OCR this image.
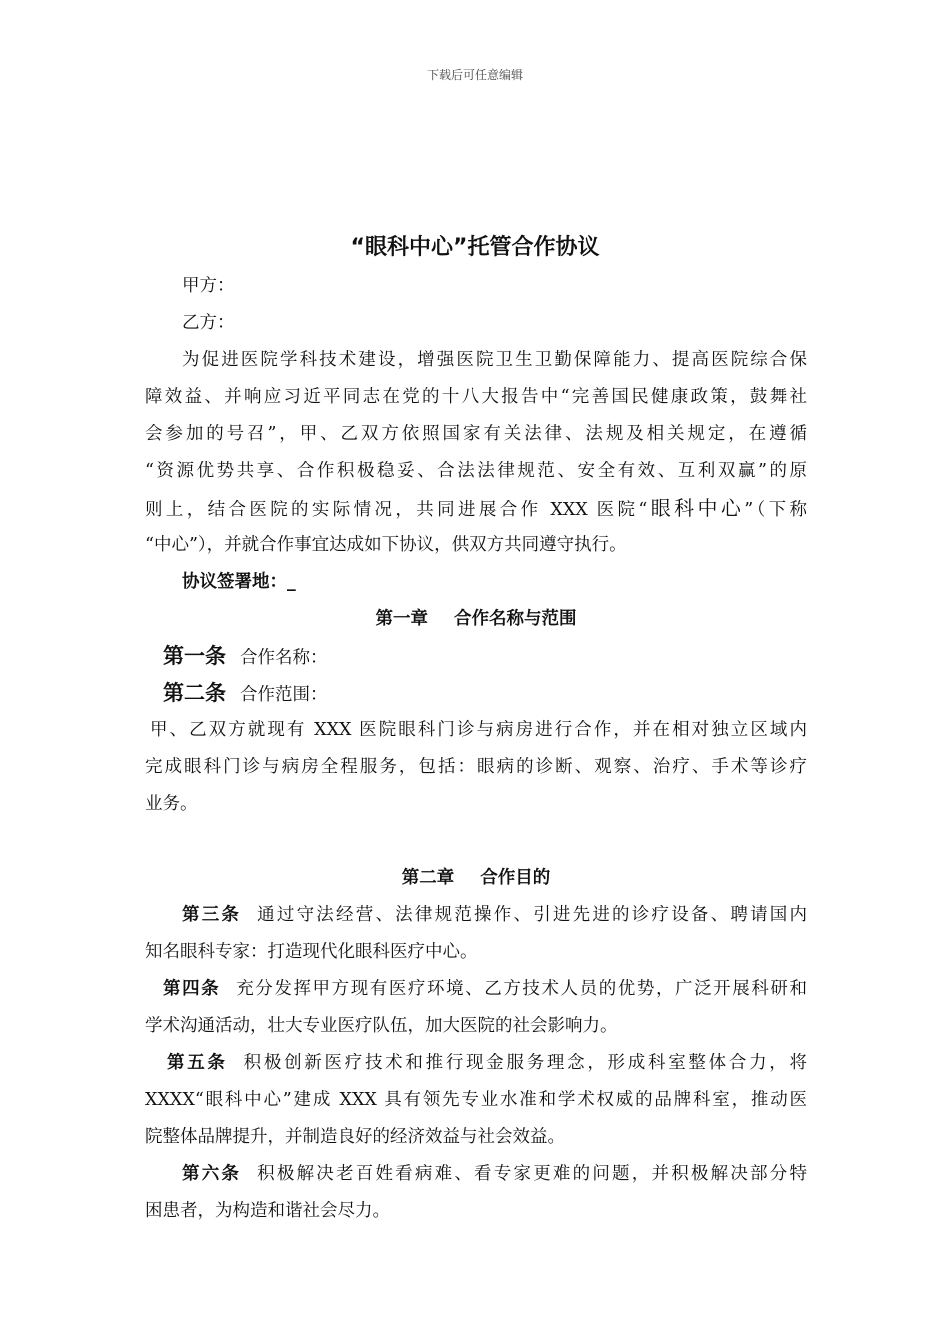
下载后可任意编辑
“眼科中心”托管合作协议
甲方：
乙方：
为促进医院学科技术建设，增强医院卫生卫勤保障能力、提高医院综合保
障效益、并响应习近平同志在党的十八大报告中“完善国民健康政策，鼓舞社
会参加的号召”，甲、乙双方依照国家有关法律、法规及相关规定，在遵循
“资源优势共享、合作积极稳妥、合法法律规范、安全有效、互利双赢”的原
则上，结合医院的实际情况，共同进展合作 XXX 医院“眼科中心”（下称
“中心”），并就合作事宜达成如下协议，供双方共同遵守执行。
协议签署地：_
第一章 合作名称与范围
第一条 合作名称：
第二条 合作范围：
甲、乙双方就现有 XXX 医院眼科门诊与病房进行合作，并在相对独立区域内
完成眼科门诊与病房全程服务，包括：眼病的诊断、观察、治疗、手术等诊疗
业务。
第二章 合作目的
第三条 通过守法经营、法律规范操作、引进先进的诊疗设备、聘请国内
知名眼科专家：打造现代化眼科医疗中心。
第四条 充分发挥甲方现有医疗环境、乙方技术人员的优势，广泛开展科研和
学术沟通活动，壮大专业医疗队伍，加大医院的社会影响力。
第五条 积极创新医疗技术和推行现金服务理念，形成科室整体合力，将
XXXX“眼科中心”建成 XXX 具有领先专业水准和学术权威的品牌科室，推动医
院整体品牌提升，并制造良好的经济效益与社会效益。
第六条 积极解决老百姓看病难、看专家更难的问题，并积极解决部分特
困患者，为构造和谐社会尽力。
